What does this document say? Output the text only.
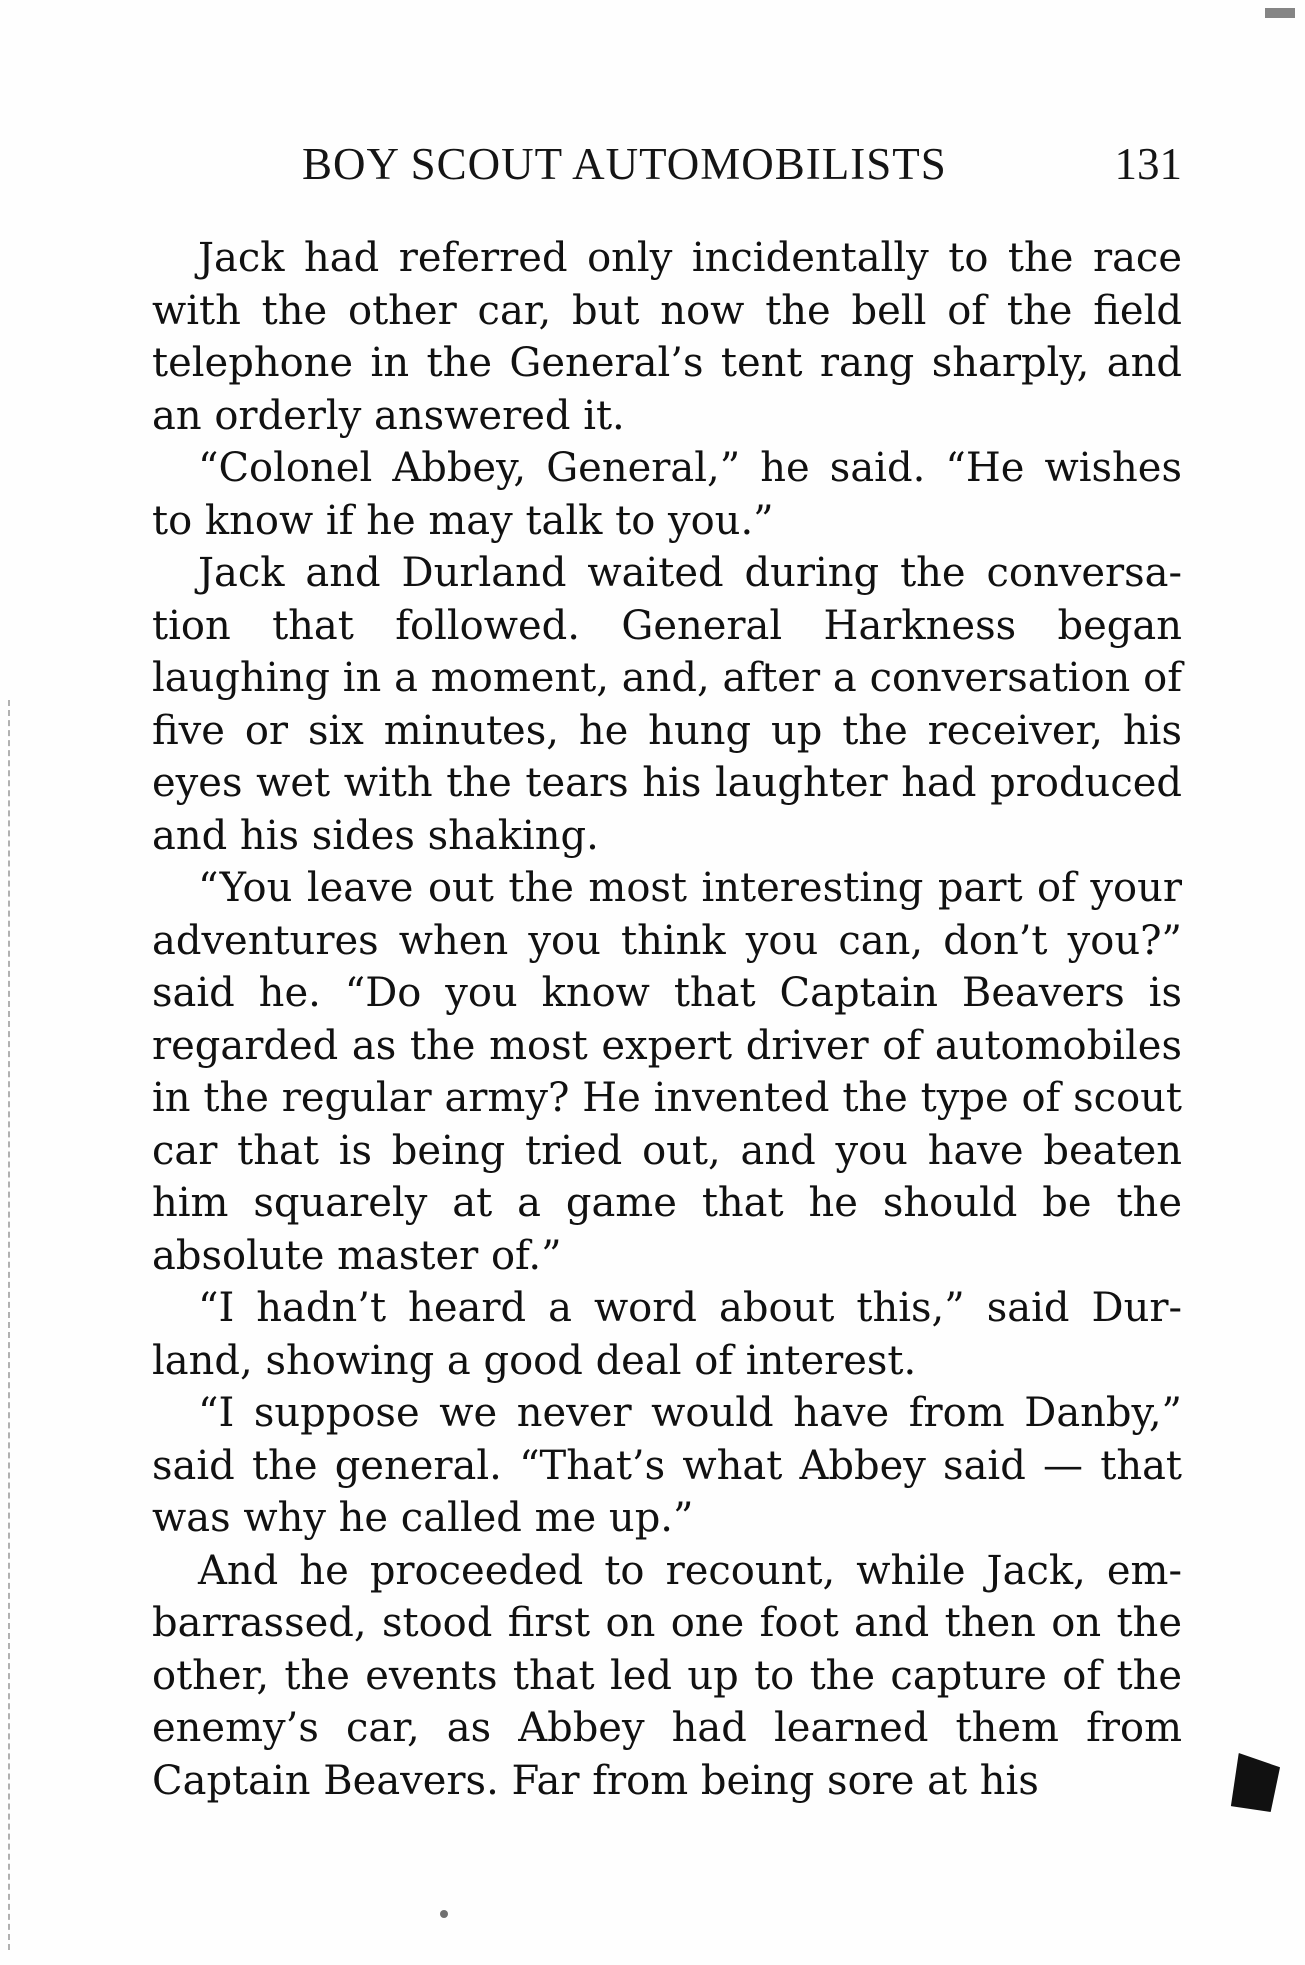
BOY SCOUT AUTOMOBILISTS	131

Jack had referred only incidentally to the race with the other car, but now the bell of the field telephone in the General’s tent rang sharply, and an orderly answered it.

“Colonel Abbey, General,” he said. “He wishes to know if he may talk to you.”

Jack and Durland waited during the conversation that followed. General Harkness began laughing in a moment, and, after a conversation of five or six minutes, he hung up the receiver, his eyes wet with the tears his laughter had produced and his sides shaking.

“You leave out the most interesting part of your adventures when you think you can, don’t you?” said he. “Do you know that Captain Beavers is regarded as the most expert driver of automobiles in the regular army? He invented the type of scout car that is being tried out, and you have beaten him squarely at a game that he should be the absolute master of.”

“I hadn’t heard a word about this,” said Durland, showing a good deal of interest.

“I suppose we never would have from Danby,” said the general. “That’s what Abbey said — that was why he called me up.”

And he proceeded to recount, while Jack, embarrassed, stood first on one foot and then on the other, the events that led up to the capture of the enemy’s car, as Abbey had learned them from Captain Beavers. Far from being sore at his
